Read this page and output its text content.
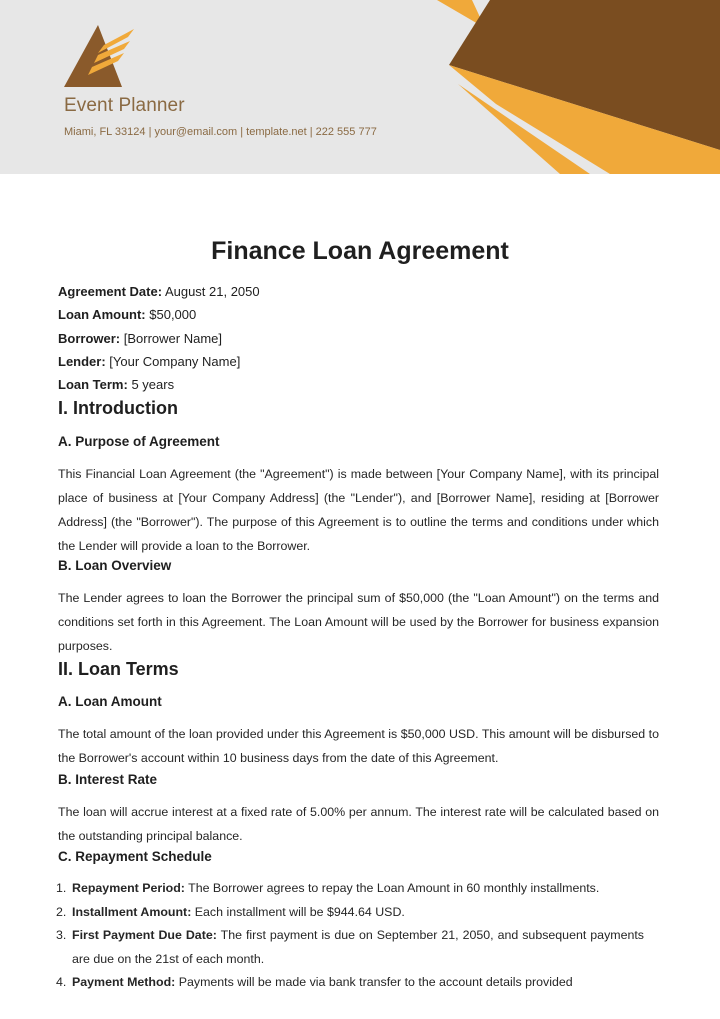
Event Planner
Miami, FL 33124 | your@email.com | template.net | 222 555 777
Finance Loan Agreement
Agreement Date: August 21, 2050
Loan Amount: $50,000
Borrower: [Borrower Name]
Lender: [Your Company Name]
Loan Term: 5 years
I. Introduction
A. Purpose of Agreement
This Financial Loan Agreement (the "Agreement") is made between [Your Company Name], with its principal place of business at [Your Company Address] (the "Lender"), and [Borrower Name], residing at [Borrower Address] (the "Borrower"). The purpose of this Agreement is to outline the terms and conditions under which the Lender will provide a loan to the Borrower.
B. Loan Overview
The Lender agrees to loan the Borrower the principal sum of $50,000 (the "Loan Amount") on the terms and conditions set forth in this Agreement. The Loan Amount will be used by the Borrower for business expansion purposes.
II. Loan Terms
A. Loan Amount
The total amount of the loan provided under this Agreement is $50,000 USD. This amount will be disbursed to the Borrower's account within 10 business days from the date of this Agreement.
B. Interest Rate
The loan will accrue interest at a fixed rate of 5.00% per annum. The interest rate will be calculated based on the outstanding principal balance.
C. Repayment Schedule
1. Repayment Period: The Borrower agrees to repay the Loan Amount in 60 monthly installments.
2. Installment Amount: Each installment will be $944.64 USD.
3. First Payment Due Date: The first payment is due on September 21, 2050, and subsequent payments are due on the 21st of each month.
4. Payment Method: Payments will be made via bank transfer to the account details provided
